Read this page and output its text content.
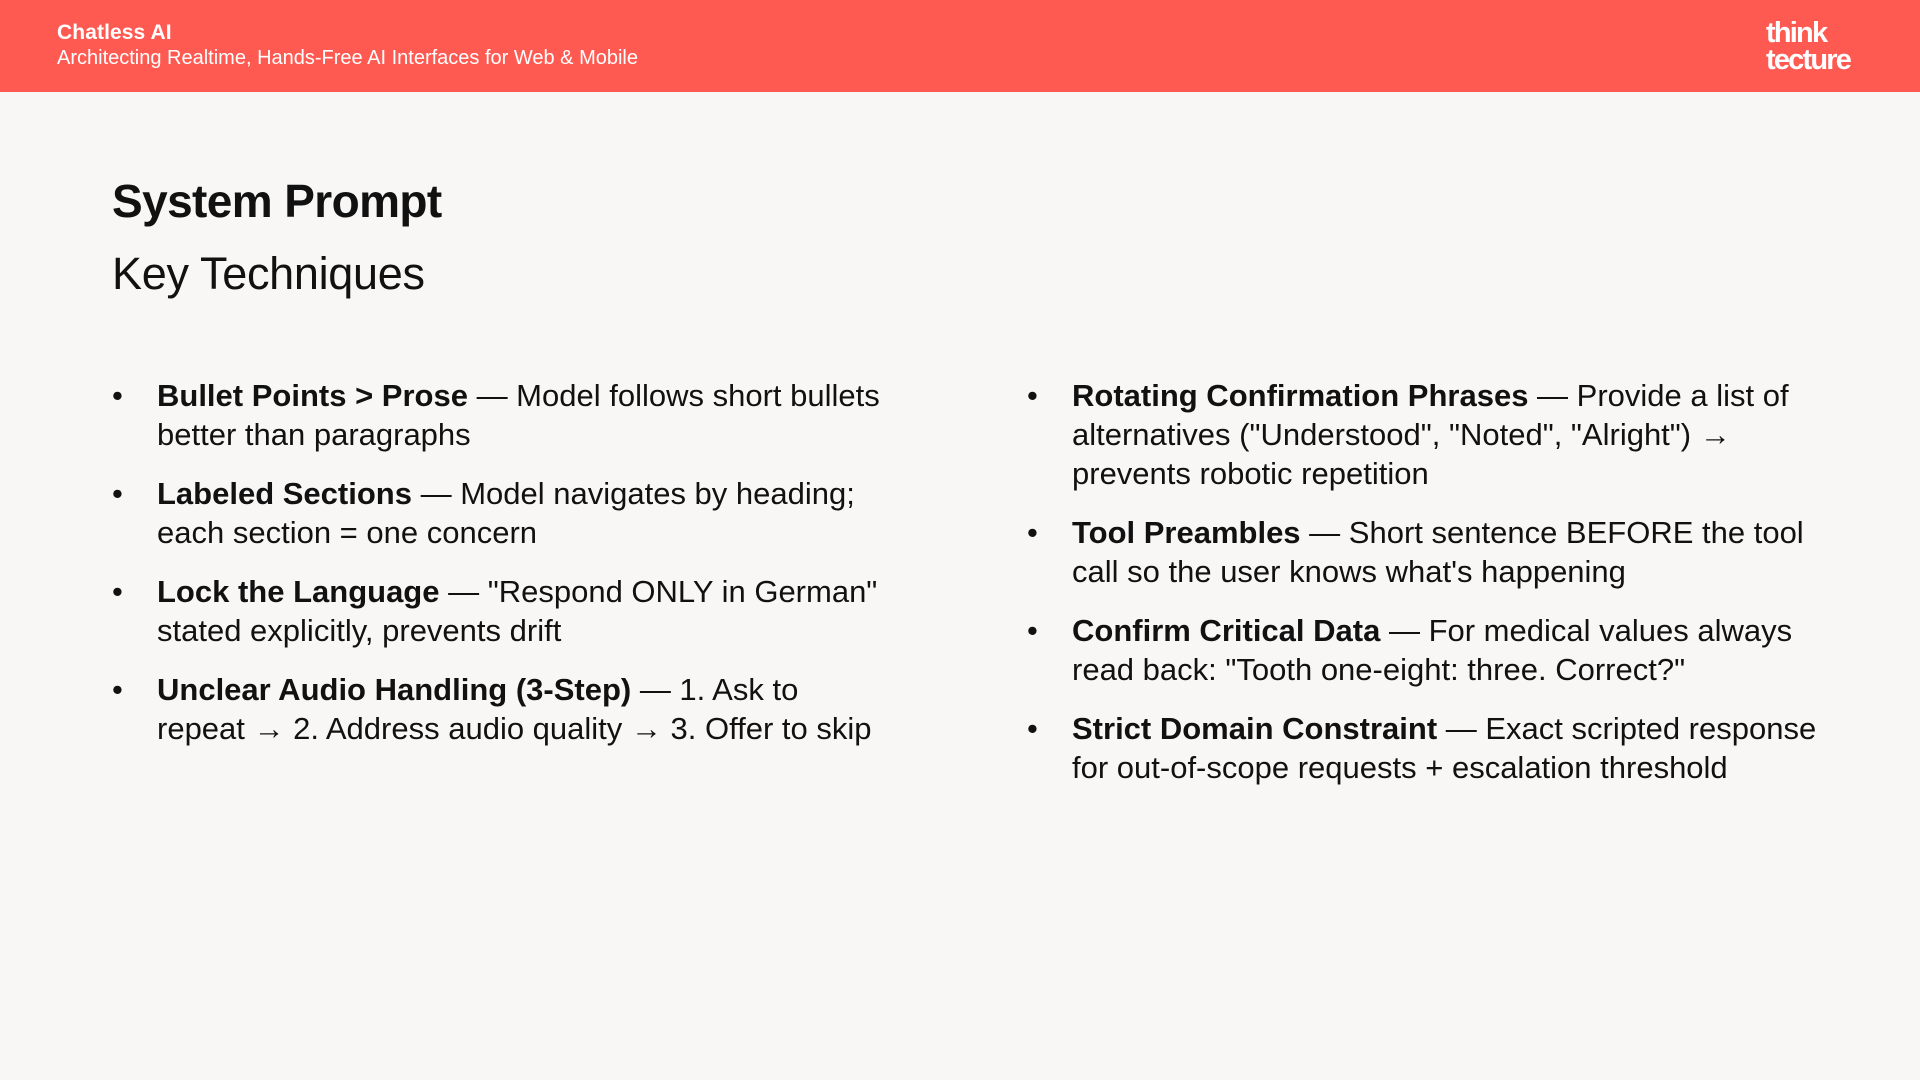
Chatless AI
Architecting Realtime, Hands-Free AI Interfaces for Web & Mobile
think
tecture
System Prompt
Key Techniques
• Bullet Points > Prose — Model follows short bullets better than paragraphs
• Labeled Sections — Model navigates by heading; each section = one concern
• Lock the Language — "Respond ONLY in German" stated explicitly, prevents drift
• Unclear Audio Handling (3-Step) — 1. Ask to repeat → 2. Address audio quality → 3. Offer to skip
• Rotating Confirmation Phrases — Provide a list of alternatives ("Understood", "Noted", "Alright") → prevents robotic repetition
• Tool Preambles — Short sentence BEFORE the tool call so the user knows what's happening
• Confirm Critical Data — For medical values always read back: "Tooth one-eight: three. Correct?"
• Strict Domain Constraint — Exact scripted response for out-of-scope requests + escalation threshold
